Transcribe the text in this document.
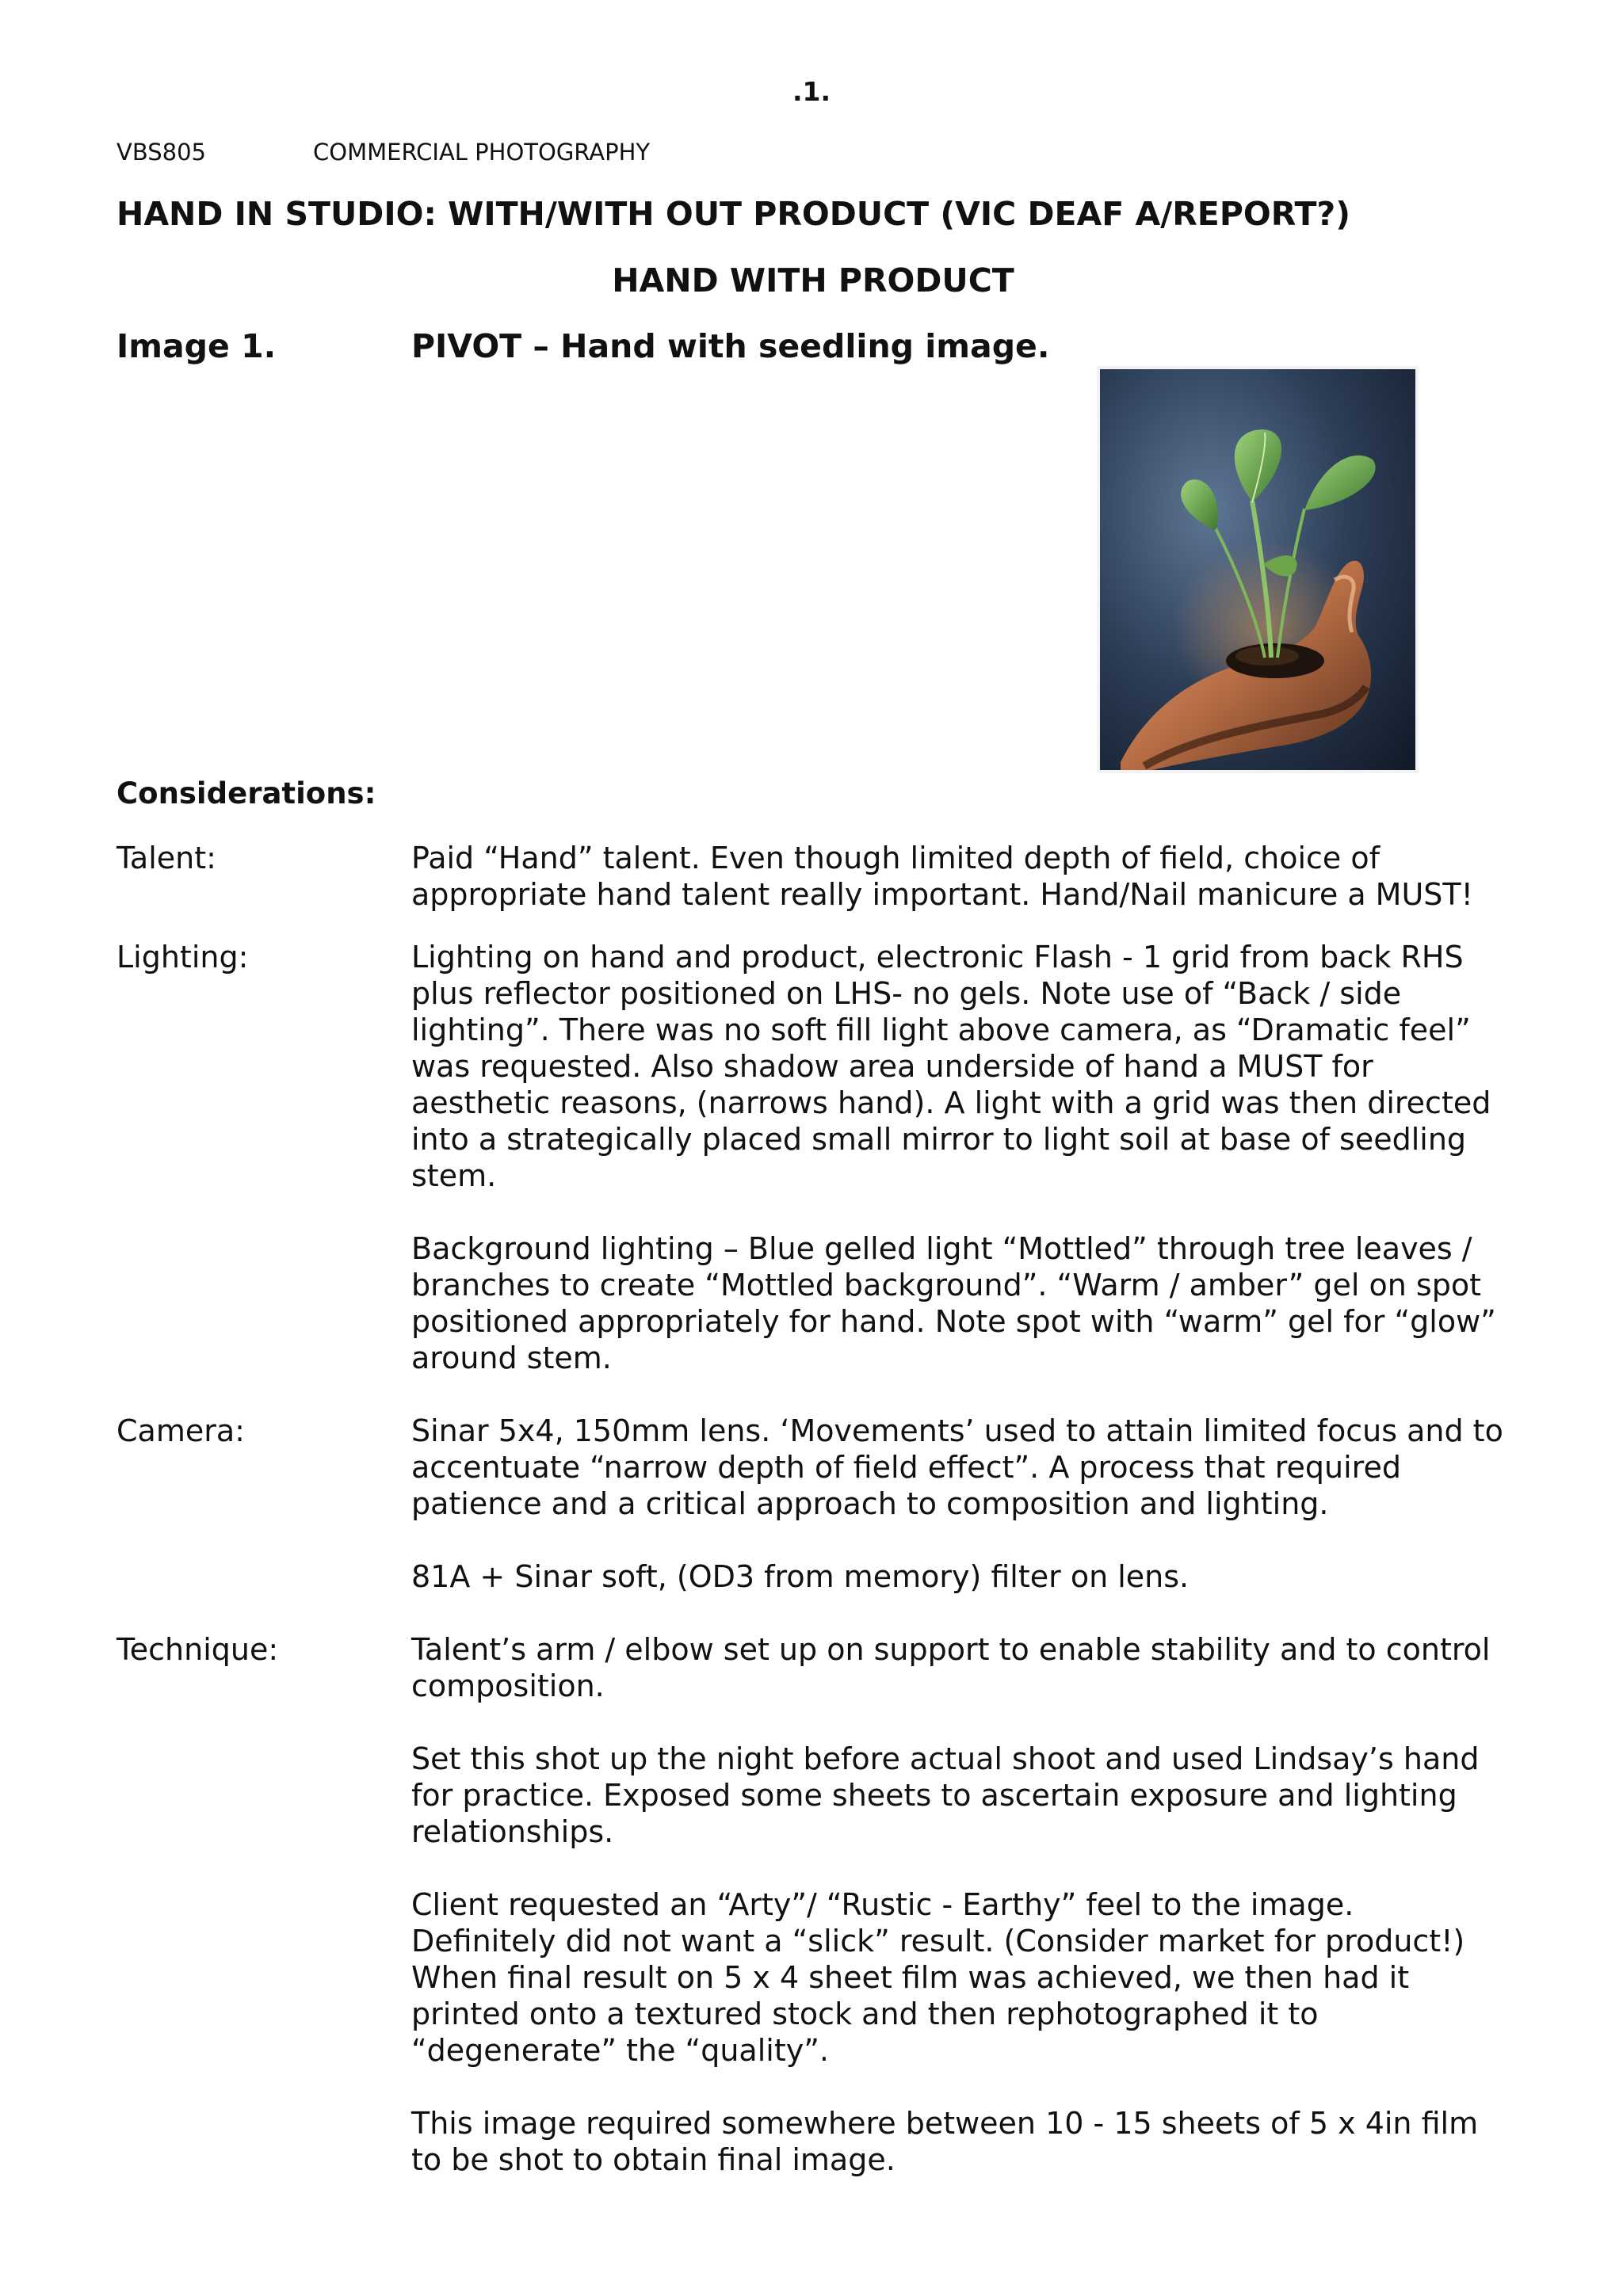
.1.
VBS805	COMMERCIAL PHOTOGRAPHY
HAND IN STUDIO: WITH/WITH OUT PRODUCT (VIC DEAF A/REPORT?)
HAND WITH PRODUCT
Image 1.	PIVOT – Hand with seedling image.
Considerations:
Talent:	Paid “Hand” talent. Even though limited depth of field, choice of
appropriate hand talent really important. Hand/Nail manicure a MUST!
Lighting:	Lighting on hand and product, electronic Flash - 1 grid from back RHS
plus reflector positioned on LHS- no gels. Note use of “Back / side
lighting”. There was no soft fill light above camera, as “Dramatic feel”
was requested. Also shadow area underside of hand a MUST for
aesthetic reasons, (narrows hand). A light with a grid was then directed
into a strategically placed small mirror to light soil at base of seedling
stem.
Background lighting – Blue gelled light “Mottled” through tree leaves /
branches to create “Mottled background”. “Warm / amber” gel on spot
positioned appropriately for hand. Note spot with “warm” gel for “glow”
around stem.
Camera:	Sinar 5x4, 150mm lens. ‘Movements’ used to attain limited focus and to
accentuate “narrow depth of field effect”. A process that required
patience and a critical approach to composition and lighting.
81A + Sinar soft, (OD3 from memory) filter on lens.
Technique:	Talent’s arm / elbow set up on support to enable stability and to control
composition.
Set this shot up the night before actual shoot and used Lindsay’s hand
for practice. Exposed some sheets to ascertain exposure and lighting
relationships.
Client requested an “Arty”/ “Rustic - Earthy” feel to the image.
Definitely did not want a “slick” result. (Consider market for product!)
When final result on 5 x 4 sheet film was achieved, we then had it
printed onto a textured stock and then rephotographed it to
“degenerate” the “quality”.
This image required somewhere between 10 - 15 sheets of 5 x 4in film
to be shot to obtain final image.
